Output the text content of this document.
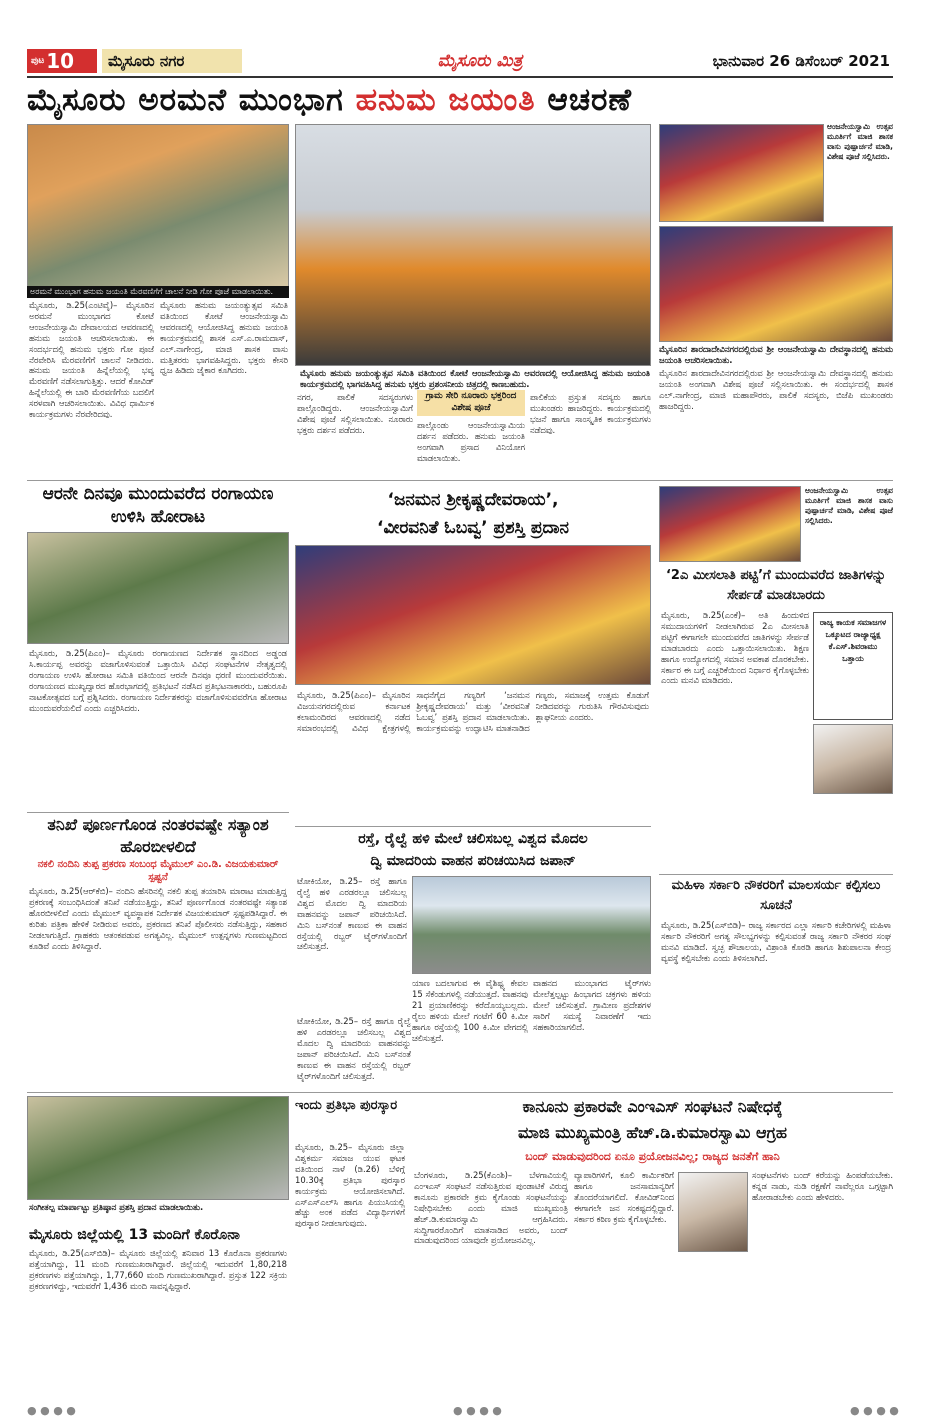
ಪುಟ 10	ಮೈಸೂರು ನಗರ	ಮೈಸೂರು ಮಿತ್ರ	ಭಾನುವಾರ 26 ಡಿಸೆಂಬರ್ 2021
ಮೈಸೂರು ಅರಮನೆ ಮುಂಭಾಗ ಹನುಮ ಜಯಂತಿ ಆಚರಣೆ
ಅರಮನೆ ಮುಂಭಾಗ ಹನುಮ ಜಯಂತಿ ಮೆರವಣಿಗೆಗೆ ಚಾಲನೆ ನೀಡಿ ಗೋ ಪೂಜೆ ಮಾಡಲಾಯಿತು.
ಮೈಸೂರು ಹನುಮ ಜಯಂತ್ಯುತ್ಸವ ಸಮಿತಿ ವತಿಯಿಂದ ಕೋಟೆ ಆಂಜನೇಯಸ್ವಾಮಿ ಆವರಣದಲ್ಲಿ ಆಯೋಜಿಸಿದ್ದ ಹನುಮ ಜಯಂತಿ ಕಾರ್ಯಕ್ರಮದಲ್ಲಿ ಭಾಗವಹಿಸಿದ್ದ ಹನುಮ ಭಕ್ತರು ಪ್ರಶಂಸನೀಯ ಚಿತ್ರದಲ್ಲಿ ಕಾಣಬಹುದು.
ಆಂಜನೇಯಸ್ವಾಮಿ ಉತ್ಸವ ಮೂರ್ತಿಗೆ ಮಾಜಿ ಶಾಸಕ ವಾಸು ಪುಷ್ಪಾರ್ಚನೆ ಮಾಡಿ, ವಿಶೇಷ ಪೂಜೆ ಸಲ್ಲಿಸಿದರು.
ಮೈಸೂರಿನ ಶಾರದಾದೇವಿನಗರದಲ್ಲಿರುವ ಶ್ರೀ ಆಂಜನೇಯಸ್ವಾಮಿ ದೇವಸ್ಥಾನದಲ್ಲಿ ಹನುಮ ಜಯಂತಿ ಆಚರಿಸಲಾಯಿತು.
ಮೈಸೂರು, ಡಿ.25(ಎಂಟಿವೈ)– ಮೈಸೂರಿನ ಅರಮನೆ ಮುಂಭಾಗದ ಕೋಟೆ ಆಂಜನೇಯಸ್ವಾಮಿ ದೇವಾಲಯದ ಆವರಣದಲ್ಲಿ ಹನುಮ ಜಯಂತಿ ಆಚರಿಸಲಾಯಿತು. ಈ ಸಂದರ್ಭದಲ್ಲಿ ಹನುಮ ಭಕ್ತರು ಗೋ ಪೂಜೆ ನೆರವೇರಿಸಿ ಮೆರವಣಿಗೆಗೆ ಚಾಲನೆ ನೀಡಿದರು. ಹನುಮ ಜಯಂತಿ ಹಿನ್ನೆಲೆಯಲ್ಲಿ ಭವ್ಯ ಮೆರವಣಿಗೆ ನಡೆಸಲಾಗುತ್ತಿತ್ತು. ಆದರೆ ಕೋವಿಡ್ ಹಿನ್ನೆಲೆಯಲ್ಲಿ ಈ ಬಾರಿ ಮೆರವಣಿಗೆಯ ಬದಲಿಗೆ ಸರಳವಾಗಿ ಆಚರಿಸಲಾಯಿತು. ವಿವಿಧ ಧಾರ್ಮಿಕ ಕಾರ್ಯಕ್ರಮಗಳು ನೆರವೇರಿದವು.
ಮೈಸೂರು ಹನುಮ ಜಯಂತ್ಯುತ್ಸವ ಸಮಿತಿ ವತಿಯಿಂದ ಕೋಟೆ ಆಂಜನೇಯಸ್ವಾಮಿ ಆವರಣದಲ್ಲಿ ಆಯೋಜಿಸಿದ್ದ ಹನುಮ ಜಯಂತಿ ಕಾರ್ಯಕ್ರಮದಲ್ಲಿ ಶಾಸಕ ಎಸ್.ಎ.ರಾಮದಾಸ್, ಎಲ್.ನಾಗೇಂದ್ರ, ಮಾಜಿ ಶಾಸಕ ವಾಸು ಮತ್ತಿತರರು ಭಾಗವಹಿಸಿದ್ದರು. ಭಕ್ತರು ಕೇಸರಿ ಧ್ವಜ ಹಿಡಿದು ಜೈಕಾರ ಕೂಗಿದರು.
ನಗರ, ಪಾಲಿಕೆ ಸದಸ್ಯರುಗಳು ಪಾಲ್ಗೊಂಡಿದ್ದರು. ಆಂಜನೇಯಸ್ವಾಮಿಗೆ ವಿಶೇಷ ಪೂಜೆ ಸಲ್ಲಿಸಲಾಯಿತು. ನೂರಾರು ಭಕ್ತರು ದರ್ಶನ ಪಡೆದರು.
ಗ್ರಾಮ ಸೇರಿ ನೂರಾರು ಭಕ್ತರಿಂದ ವಿಶೇಷ ಪೂಜೆ
ಪಾಲ್ಗೊಂಡು ಆಂಜನೇಯಸ್ವಾಮಿಯ ದರ್ಶನ ಪಡೆದರು. ಹನುಮ ಜಯಂತಿ ಅಂಗವಾಗಿ ಪ್ರಸಾದ ವಿನಿಯೋಗ ಮಾಡಲಾಯಿತು.
ಪಾಲಿಕೆಯ ಪ್ರಸ್ತುತ ಸದಸ್ಯರು ಹಾಗೂ ಮುಖಂಡರು ಹಾಜರಿದ್ದರು. ಕಾರ್ಯಕ್ರಮದಲ್ಲಿ ಭಜನೆ ಹಾಗೂ ಸಾಂಸ್ಕೃತಿಕ ಕಾರ್ಯಕ್ರಮಗಳು ನಡೆದವು.
ಮೈಸೂರಿನ ಶಾರದಾದೇವಿನಗರದಲ್ಲಿರುವ ಶ್ರೀ ಆಂಜನೇಯಸ್ವಾಮಿ ದೇವಸ್ಥಾನದಲ್ಲಿ ಹನುಮ ಜಯಂತಿ ಅಂಗವಾಗಿ ವಿಶೇಷ ಪೂಜೆ ಸಲ್ಲಿಸಲಾಯಿತು. ಈ ಸಂದರ್ಭದಲ್ಲಿ ಶಾಸಕ ಎಲ್.ನಾಗೇಂದ್ರ, ಮಾಜಿ ಮಹಾಪೌರರು, ಪಾಲಿಕೆ ಸದಸ್ಯರು, ಬಿಜೆಪಿ ಮುಖಂಡರು ಹಾಜರಿದ್ದರು.
ಆರನೇ ದಿನವೂ ಮುಂದುವರೆದ ರಂಗಾಯಣ ಉಳಿಸಿ ಹೋರಾಟ
ಮೈಸೂರು, ಡಿ.25(ಪಿಎಂ)– ಮೈಸೂರು ರಂಗಾಯಣದ ನಿರ್ದೇಶಕ ಸ್ಥಾನದಿಂದ ಅಡ್ಡಂಡ ಸಿ.ಕಾರ್ಯಪ್ಪ ಅವರನ್ನು ವಜಾಗೊಳಿಸುವಂತೆ ಒತ್ತಾಯಿಸಿ ವಿವಿಧ ಸಂಘಟನೆಗಳ ನೇತೃತ್ವದಲ್ಲಿ ರಂಗಾಯಣ ಉಳಿಸಿ ಹೋರಾಟ ಸಮಿತಿ ವತಿಯಿಂದ ಆರನೇ ದಿನವೂ ಧರಣಿ ಮುಂದುವರೆಯಿತು. ರಂಗಾಯಣದ ಮುಖ್ಯದ್ವಾರದ ಹೊರಭಾಗದಲ್ಲಿ ಪ್ರತಿಭಟನೆ ನಡೆಸಿದ ಪ್ರತಿಭಟನಾಕಾರರು, ಬಹುರೂಪಿ ನಾಟಕೋತ್ಸವದ ಬಗ್ಗೆ ಪ್ರಶ್ನಿಸಿದರು. ರಂಗಾಯಣ ನಿರ್ದೇಶಕರನ್ನು ವಜಾಗೊಳಿಸುವವರೆಗೂ ಹೋರಾಟ ಮುಂದುವರೆಯಲಿದೆ ಎಂದು ಎಚ್ಚರಿಸಿದರು.
ತನಿಖೆ ಪೂರ್ಣಗೊಂಡ ನಂತರವಷ್ಟೇ ಸತ್ಯಾಂಶ ಹೊರಬೀಳಲಿದೆ
ನಕಲಿ ನಂದಿನಿ ತುಪ್ಪ ಪ್ರಕರಣ ಸಂಬಂಧ ಮೈಮುಲ್ ಎಂ.ಡಿ. ವಿಜಯಕುಮಾರ್ ಸ್ಪಷ್ಟನೆ
ಮೈಸೂರು, ಡಿ.25(ಆರ್‌ಕೆಬಿ)– ನಂದಿನಿ ಹೆಸರಿನಲ್ಲಿ ನಕಲಿ ತುಪ್ಪ ತಯಾರಿಸಿ ಮಾರಾಟ ಮಾಡುತ್ತಿದ್ದ ಪ್ರಕರಣಕ್ಕೆ ಸಂಬಂಧಿಸಿದಂತೆ ತನಿಖೆ ನಡೆಯುತ್ತಿದ್ದು, ತನಿಖೆ ಪೂರ್ಣಗೊಂಡ ನಂತರವಷ್ಟೇ ಸತ್ಯಾಂಶ ಹೊರಬೀಳಲಿದೆ ಎಂದು ಮೈಮುಲ್ ವ್ಯವಸ್ಥಾಪಕ ನಿರ್ದೇಶಕ ವಿಜಯಕುಮಾರ್ ಸ್ಪಷ್ಟಪಡಿಸಿದ್ದಾರೆ. ಈ ಕುರಿತು ಪತ್ರಿಕಾ ಹೇಳಿಕೆ ನೀಡಿರುವ ಅವರು, ಪ್ರಕರಣದ ತನಿಖೆ ಪೊಲೀಸರು ನಡೆಸುತ್ತಿದ್ದು, ಸಹಕಾರ ನೀಡಲಾಗುತ್ತಿದೆ. ಗ್ರಾಹಕರು ಆತಂಕಪಡುವ ಅಗತ್ಯವಿಲ್ಲ. ಮೈಮುಲ್ ಉತ್ಪನ್ನಗಳು ಗುಣಮಟ್ಟದಿಂದ ಕೂಡಿವೆ ಎಂದು ತಿಳಿಸಿದ್ದಾರೆ.
‘ಜನಮನ ಶ್ರೀಕೃಷ್ಣದೇವರಾಯ’,
‘ವೀರವನಿತೆ ಓಬವ್ವ’ ಪ್ರಶಸ್ತಿ ಪ್ರದಾನ
ಮೈಸೂರು, ಡಿ.25(ಪಿಎಂ)– ಮೈಸೂರಿನ ವಿಜಯನಗರದಲ್ಲಿರುವ ಕರ್ನಾಟಕ ಕಲಾಮಂದಿರದ ಆವರಣದಲ್ಲಿ ನಡೆದ ಸಮಾರಂಭದಲ್ಲಿ ವಿವಿಧ ಕ್ಷೇತ್ರಗಳಲ್ಲಿ ಸಾಧನೆಗೈದ ಗಣ್ಯರಿಗೆ ‘ಜನಮನ ಶ್ರೀಕೃಷ್ಣದೇವರಾಯ’ ಮತ್ತು ‘ವೀರವನಿತೆ ಓಬವ್ವ’ ಪ್ರಶಸ್ತಿ ಪ್ರದಾನ ಮಾಡಲಾಯಿತು. ಕಾರ್ಯಕ್ರಮವನ್ನು ಉದ್ಘಾಟಿಸಿ ಮಾತನಾಡಿದ ಗಣ್ಯರು, ಸಮಾಜಕ್ಕೆ ಉತ್ತಮ ಕೊಡುಗೆ ನೀಡಿದವರನ್ನು ಗುರುತಿಸಿ ಗೌರವಿಸುವುದು ಶ್ಲಾಘನೀಯ ಎಂದರು.
ರಸ್ತೆ, ರೈಲ್ವೆ ಹಳಿ ಮೇಲೆ ಚಲಿಸಬಲ್ಲ ವಿಶ್ವದ ಮೊದಲ
ದ್ವಿ ಮಾದರಿಯ ವಾಹನ ಪರಿಚಯಿಸಿದ ಜಪಾನ್
ಟೋಕಿಯೋ, ಡಿ.25– ರಸ್ತೆ ಹಾಗೂ ರೈಲ್ವೆ ಹಳಿ ಎರಡರಲ್ಲೂ ಚಲಿಸಬಲ್ಲ ವಿಶ್ವದ ಮೊದಲ ದ್ವಿ ಮಾದರಿಯ ವಾಹನವನ್ನು ಜಪಾನ್ ಪರಿಚಯಿಸಿದೆ. ಮಿನಿ ಬಸ್‌ನಂತೆ ಕಾಣುವ ಈ ವಾಹನ ರಸ್ತೆಯಲ್ಲಿ ರಬ್ಬರ್ ಟೈರ್‌ಗಳೊಂದಿಗೆ ಚಲಿಸುತ್ತದೆ.
ಟೋಕಿಯೋ, ಡಿ.25– ರಸ್ತೆ ಹಾಗೂ ರೈಲ್ವೆ ಹಳಿ ಎರಡರಲ್ಲೂ ಚಲಿಸಬಲ್ಲ ವಿಶ್ವದ ಮೊದಲ ದ್ವಿ ಮಾದರಿಯ ವಾಹನವನ್ನು ಜಪಾನ್ ಪರಿಚಯಿಸಿದೆ. ಮಿನಿ ಬಸ್‌ನಂತೆ ಕಾಣುವ ಈ ವಾಹನ ರಸ್ತೆಯಲ್ಲಿ ರಬ್ಬರ್ ಟೈರ್‌ಗಳೊಂದಿಗೆ ಚಲಿಸುತ್ತದೆ.
ಯಾಣ ಬದಲಾಗುವ ಈ ವೈಶಿಷ್ಟ್ಯ ಕೇವಲ 15 ಸೆಕೆಂಡುಗಳಲ್ಲಿ ನಡೆಯುತ್ತದೆ. ವಾಹನವು 21 ಪ್ರಯಾಣಿಕರನ್ನು ಕರೆದೊಯ್ಯಬಲ್ಲದು. ರೈಲು ಹಳಿಯ ಮೇಲೆ ಗಂಟೆಗೆ 60 ಕಿ.ಮೀ ಹಾಗೂ ರಸ್ತೆಯಲ್ಲಿ 100 ಕಿ.ಮೀ ವೇಗದಲ್ಲಿ ಚಲಿಸುತ್ತದೆ.
ವಾಹನದ ಮುಂಭಾಗದ ಟೈರ್‌ಗಳು ಮೇಲೆತ್ತಲ್ಪಟ್ಟು ಹಿಂಭಾಗದ ಚಕ್ರಗಳು ಹಳಿಯ ಮೇಲೆ ಚಲಿಸುತ್ತವೆ. ಗ್ರಾಮೀಣ ಪ್ರದೇಶಗಳ ಸಾರಿಗೆ ಸಮಸ್ಯೆ ನಿವಾರಣೆಗೆ ಇದು ಸಹಕಾರಿಯಾಗಲಿದೆ.
ಆಂಜನೇಯಸ್ವಾಮಿ ಉತ್ಸವ ಮೂರ್ತಿಗೆ ಮಾಜಿ ಶಾಸಕ ವಾಸು ಪುಷ್ಪಾರ್ಚನೆ ಮಾಡಿ, ವಿಶೇಷ ಪೂಜೆ ಸಲ್ಲಿಸಿದರು.
‘2ಎ ಮೀಸಲಾತಿ ಪಟ್ಟಿ’ಗೆ ಮುಂದುವರೆದ ಜಾತಿಗಳನ್ನು ಸೇರ್ಪಡೆ ಮಾಡಬಾರದು
ಮೈಸೂರು, ಡಿ.25(ಎಂಕೆ)– ಅತಿ ಹಿಂದುಳಿದ ಸಮುದಾಯಗಳಿಗೆ ನೀಡಲಾಗಿರುವ 2ಎ ಮೀಸಲಾತಿ ಪಟ್ಟಿಗೆ ಈಗಾಗಲೇ ಮುಂದುವರೆದ ಜಾತಿಗಳನ್ನು ಸೇರ್ಪಡೆ ಮಾಡಬಾರದು ಎಂದು ಒತ್ತಾಯಿಸಲಾಯಿತು. ಶಿಕ್ಷಣ ಹಾಗೂ ಉದ್ಯೋಗದಲ್ಲಿ ಸಮಾನ ಅವಕಾಶ ದೊರಕಬೇಕು. ಸರ್ಕಾರ ಈ ಬಗ್ಗೆ ಎಚ್ಚರಿಕೆಯಿಂದ ನಿರ್ಧಾರ ಕೈಗೊಳ್ಳಬೇಕು ಎಂದು ಮನವಿ ಮಾಡಿದರು.
ರಾಜ್ಯ ಕಾಯಕ ಸಮಾಜಗಳ ಒಕ್ಕೂಟದ ರಾಜ್ಯಾಧ್ಯಕ್ಷ ಕೆ.ಎಸ್.ಶಿವರಾಮು ಒತ್ತಾಯ
ಮಹಿಳಾ ಸರ್ಕಾರಿ ನೌಕರರಿಗೆ ಮಾಲಸರ್ಯ ಕಲ್ಪಿಸಲು ಸೂಚನೆ
ಮೈಸೂರು, ಡಿ.25(ಎಸ್‌ಬಿಡಿ)– ರಾಜ್ಯ ಸರ್ಕಾರದ ಎಲ್ಲಾ ಸರ್ಕಾರಿ ಕಚೇರಿಗಳಲ್ಲಿ ಮಹಿಳಾ ಸರ್ಕಾರಿ ನೌಕರರಿಗೆ ಅಗತ್ಯ ಸೌಲಭ್ಯಗಳನ್ನು ಕಲ್ಪಿಸುವಂತೆ ರಾಜ್ಯ ಸರ್ಕಾರಿ ನೌಕರರ ಸಂಘ ಮನವಿ ಮಾಡಿದೆ. ಸ್ವಚ್ಛ ಶೌಚಾಲಯ, ವಿಶ್ರಾಂತಿ ಕೊಠಡಿ ಹಾಗೂ ಶಿಶುಪಾಲನಾ ಕೇಂದ್ರ ವ್ಯವಸ್ಥೆ ಕಲ್ಪಿಸಬೇಕು ಎಂದು ತಿಳಿಸಲಾಗಿದೆ.
ಸಂಗೀತಲ್ಪ ಮಾರ್ಪಾಟ್ಟು ಪ್ರತಿಷ್ಠಾನ ಪ್ರಶಸ್ತಿ ಪ್ರದಾನ ಮಾಡಲಾಯಿತು.
ಮೈಸೂರು ಜಿಲ್ಲೆಯಲ್ಲಿ 13 ಮಂದಿಗೆ ಕೊರೊನಾ
ಮೈಸೂರು, ಡಿ.25(ಎಸ್‌ಬಿಡಿ)– ಮೈಸೂರು ಜಿಲ್ಲೆಯಲ್ಲಿ ಶನಿವಾರ 13 ಕೊರೊನಾ ಪ್ರಕರಣಗಳು ಪತ್ತೆಯಾಗಿದ್ದು, 11 ಮಂದಿ ಗುಣಮುಖರಾಗಿದ್ದಾರೆ. ಜಿಲ್ಲೆಯಲ್ಲಿ ಇದುವರೆಗೆ 1,80,218 ಪ್ರಕರಣಗಳು ಪತ್ತೆಯಾಗಿದ್ದು, 1,77,660 ಮಂದಿ ಗುಣಮುಖರಾಗಿದ್ದಾರೆ. ಪ್ರಸ್ತುತ 122 ಸಕ್ರಿಯ ಪ್ರಕರಣಗಳಿದ್ದು, ಇದುವರೆಗೆ 1,436 ಮಂದಿ ಸಾವನ್ನಪ್ಪಿದ್ದಾರೆ.
ಇಂದು ಪ್ರತಿಭಾ ಪುರಸ್ಕಾರ
ಮೈಸೂರು, ಡಿ.25– ಮೈಸೂರು ಜಿಲ್ಲಾ ವಿಶ್ವಕರ್ಮ ಸಮಾಜ ಯುವ ಘಟಕ ವತಿಯಿಂದ ನಾಳೆ (ಡಿ.26) ಬೆಳಿಗ್ಗೆ 10.30ಕ್ಕೆ ಪ್ರತಿಭಾ ಪುರಸ್ಕಾರ ಕಾರ್ಯಕ್ರಮ ಆಯೋಜಿಸಲಾಗಿದೆ. ಎಸ್‌ಎಸ್‌ಎಲ್‌ಸಿ ಹಾಗೂ ಪಿಯುಸಿಯಲ್ಲಿ ಹೆಚ್ಚು ಅಂಕ ಪಡೆದ ವಿದ್ಯಾರ್ಥಿಗಳಿಗೆ ಪುರಸ್ಕಾರ ನೀಡಲಾಗುವುದು.
ಕಾನೂನು ಪ್ರಕಾರವೇ ಎಂಇಎಸ್ ಸಂಘಟನೆ ನಿಷೇಧಕ್ಕೆ
ಮಾಜಿ ಮುಖ್ಯಮಂತ್ರಿ ಹೆಚ್.ಡಿ.ಕುಮಾರಸ್ವಾಮಿ ಆಗ್ರಹ
ಬಂದ್ ಮಾಡುವುದರಿಂದ ಏನೂ ಪ್ರಯೋಜನವಿಲ್ಲ; ರಾಜ್ಯದ ಜನತೆಗೆ ಹಾನಿ
ಬೆಂಗಳೂರು, ಡಿ.25(ಕೆಎಂಶಿ)– ಬೆಳಗಾವಿಯಲ್ಲಿ ಎಂಇಎಸ್ ಸಂಘಟನೆ ನಡೆಸುತ್ತಿರುವ ಪುಂಡಾಟಿಕೆ ವಿರುದ್ಧ ಕಾನೂನು ಪ್ರಕಾರವೇ ಕ್ರಮ ಕೈಗೊಂಡು ಸಂಘಟನೆಯನ್ನು ನಿಷೇಧಿಸಬೇಕು ಎಂದು ಮಾಜಿ ಮುಖ್ಯಮಂತ್ರಿ ಹೆಚ್.ಡಿ.ಕುಮಾರಸ್ವಾಮಿ ಆಗ್ರಹಿಸಿದರು. ಸುದ್ದಿಗಾರರೊಂದಿಗೆ ಮಾತನಾಡಿದ ಅವರು, ಬಂದ್ ಮಾಡುವುದರಿಂದ ಯಾವುದೇ ಪ್ರಯೋಜನವಿಲ್ಲ.
ವ್ಯಾಪಾರಿಗಳಿಗೆ, ಕೂಲಿ ಕಾರ್ಮಿಕರಿಗೆ ಹಾಗೂ ಜನಸಾಮಾನ್ಯರಿಗೆ ತೊಂದರೆಯಾಗಲಿದೆ. ಕೋವಿಡ್‌ನಿಂದ ಈಗಾಗಲೇ ಜನ ಸಂಕಷ್ಟದಲ್ಲಿದ್ದಾರೆ. ಸರ್ಕಾರ ಕಠಿಣ ಕ್ರಮ ಕೈಗೊಳ್ಳಬೇಕು.
ಸಂಘಟನೆಗಳು ಬಂದ್ ಕರೆಯನ್ನು ಹಿಂಪಡೆಯಬೇಕು. ಕನ್ನಡ ನಾಡು, ನುಡಿ ರಕ್ಷಣೆಗೆ ನಾವೆಲ್ಲರೂ ಒಗ್ಗಟ್ಟಾಗಿ ಹೋರಾಡಬೇಕು ಎಂದು ಹೇಳಿದರು.
● ● ● ●	● ● ● ●	● ● ● ●
